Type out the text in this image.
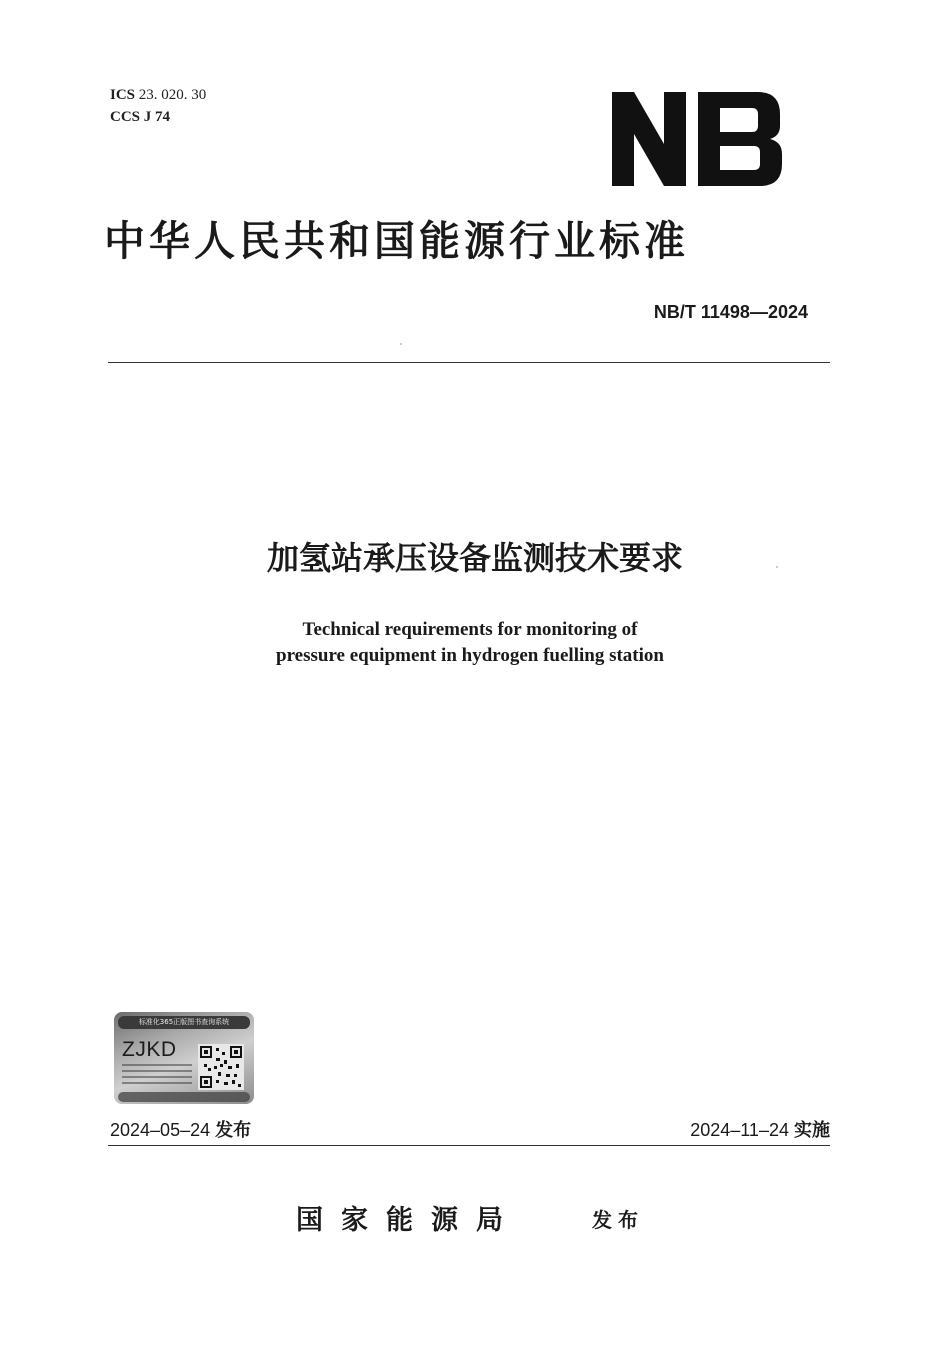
ICS 23. 020. 30
CCS J 74
中华人民共和国能源行业标准
NB/T 11498—2024
加氢站承压设备监测技术要求
Technical requirements for monitoring of
pressure equipment in hydrogen fuelling station
标准化365正版图书查询系统
ZJKD
2024–05–24 发布	2024–11–24 实施
国家能源局	发布
